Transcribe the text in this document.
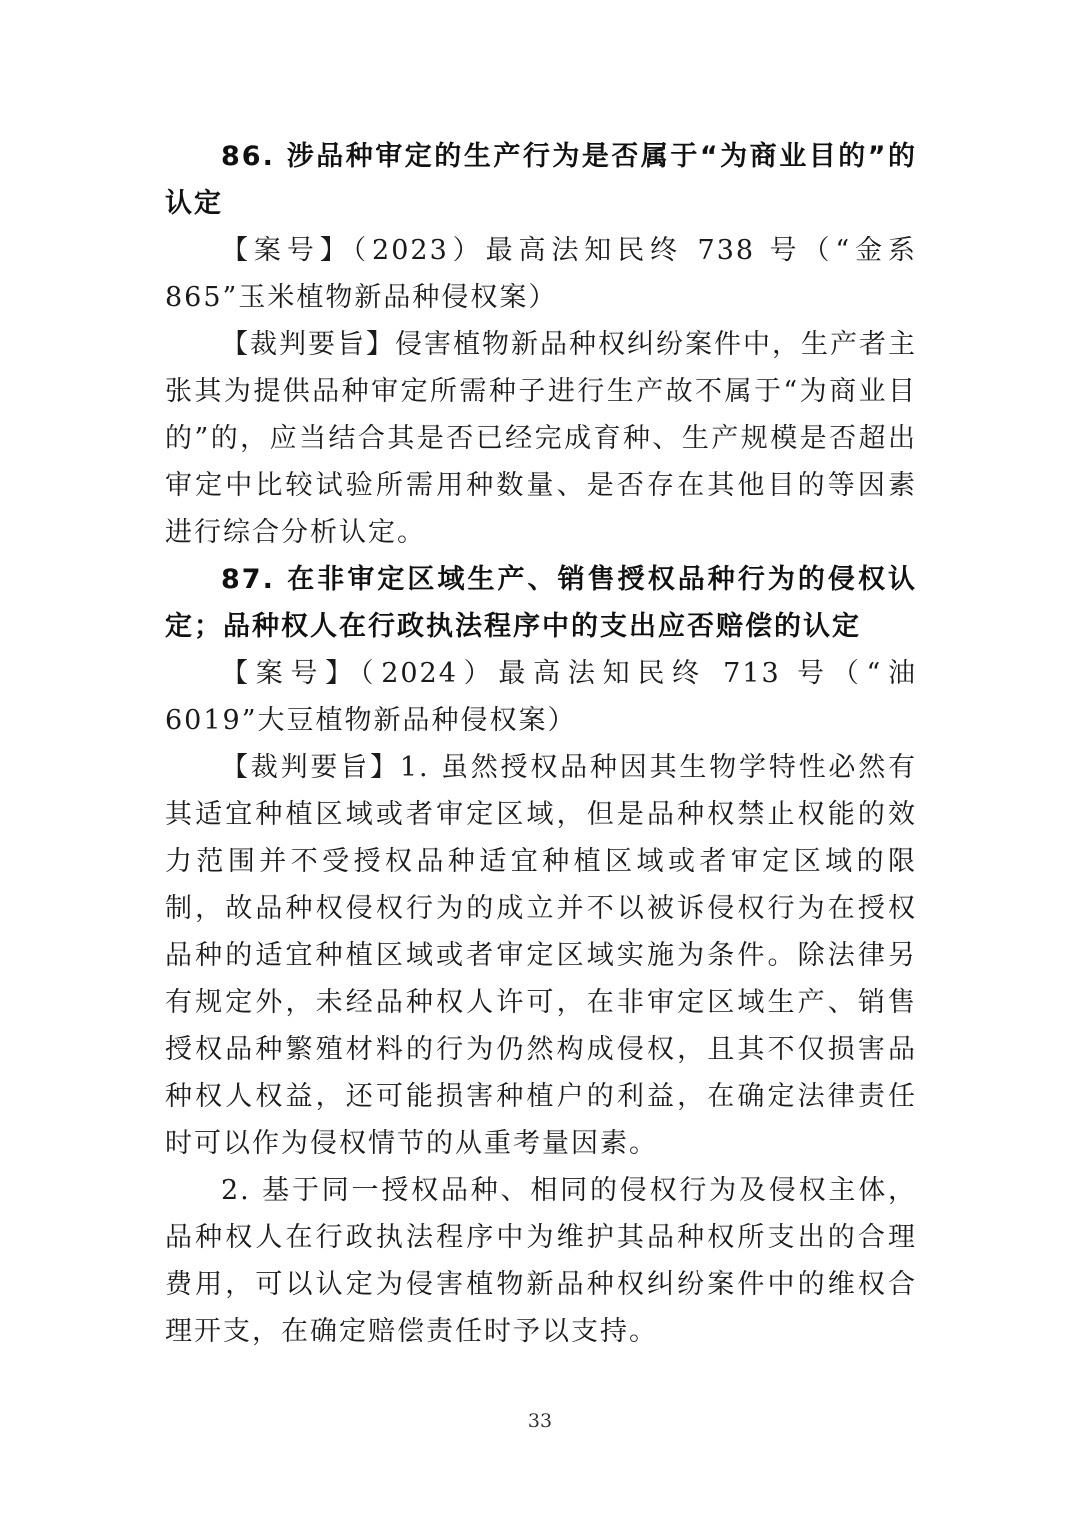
86. 涉品种审定的生产行为是否属于“为商业目的”的认定

【案号】（2023）最高法知民终 738 号（“金系 865”玉米植物新品种侵权案）

【裁判要旨】侵害植物新品种权纠纷案件中，生产者主张其为提供品种审定所需种子进行生产故不属于“为商业目的”的，应当结合其是否已经完成育种、生产规模是否超出审定中比较试验所需用种数量、是否存在其他目的等因素进行综合分析认定。

87. 在非审定区域生产、销售授权品种行为的侵权认定；品种权人在行政执法程序中的支出应否赔偿的认定

【案号】（2024）最高法知民终 713 号（“油 6019”大豆植物新品种侵权案）

【裁判要旨】1. 虽然授权品种因其生物学特性必然有其适宜种植区域或者审定区域，但是品种权禁止权能的效力范围并不受授权品种适宜种植区域或者审定区域的限制，故品种权侵权行为的成立并不以被诉侵权行为在授权品种的适宜种植区域或者审定区域实施为条件。除法律另有规定外，未经品种权人许可，在非审定区域生产、销售授权品种繁殖材料的行为仍然构成侵权，且其不仅损害品种权人权益，还可能损害种植户的利益，在确定法律责任时可以作为侵权情节的从重考量因素。

2. 基于同一授权品种、相同的侵权行为及侵权主体，品种权人在行政执法程序中为维护其品种权所支出的合理费用，可以认定为侵害植物新品种权纠纷案件中的维权合理开支，在确定赔偿责任时予以支持。

33
